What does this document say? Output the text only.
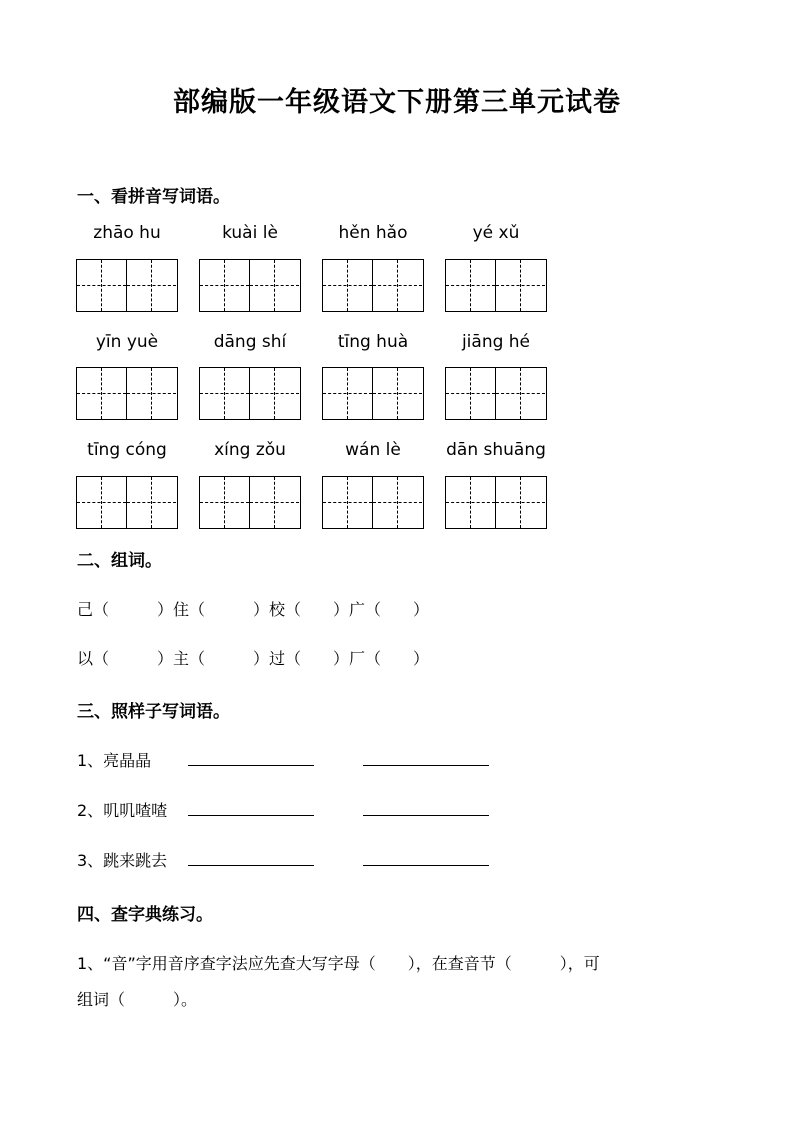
部编版一年级语文下册第三单元试卷
一、看拼音写词语。
zhāo hu	kuài lè	hěn hǎo	yé xǔ
yīn yuè	dāng shí	tīng huà	jiāng hé
tīng cóng	xíng zǒu	wán lè	dān shuāng
二、组词。
己（　　　）住（　　　）校（　　）广（　　）
以（　　　）主（　　　）过（　　）厂（　　）
三、照样子写词语。
1、亮晶晶
2、叽叽喳喳
3、跳来跳去
四、查字典练习。
1、“音”字用音序查字法应先查大写字母（　　），在查音节（　　　），可
组词（　　　）。
